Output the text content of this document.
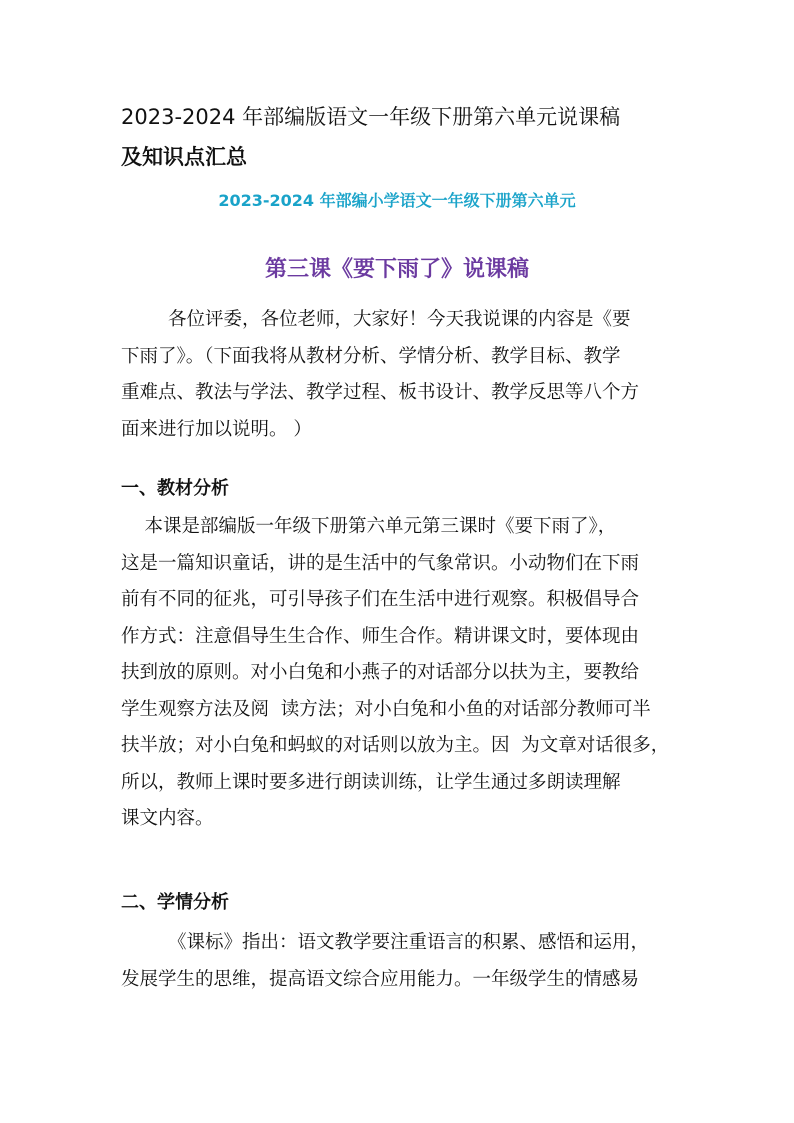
2023-2024 年部编版语文一年级下册第六单元说课稿
及知识点汇总
2023-2024 年部编小学语文一年级下册第六单元
第三课《要下雨了》说课稿

各位评委，各位老师，大家好！今天我说课的内容是《要
下雨了》。（下面我将从教材分析、学情分析、教学目标、教学
重难点、教法与学法、教学过程、板书设计、教学反思等八个方
面来进行加以说明。 ）

一、教材分析

本课是部编版一年级下册第六单元第三课时《要下雨了》，
这是一篇知识童话，讲的是生活中的气象常识。小动物们在下雨
前有不同的征兆，可引导孩子们在生活中进行观察。积极倡导合
作方式：注意倡导生生合作、师生合作。精讲课文时，要体现由
扶到放的原则。对小白兔和小燕子的对话部分以扶为主，要教给
学生观察方法及阅  读方法；对小白兔和小鱼的对话部分教师可半
扶半放；对小白兔和蚂蚁的对话则以放为主。因  为文章对话很多，
所以，教师上课时要多进行朗读训练，让学生通过多朗读理解
课文内容。

二、学情分析

《课标》指出：语文教学要注重语言的积累、感悟和运用，
发展学生的思维，提高语文综合应用能力。一年级学生的情感易
